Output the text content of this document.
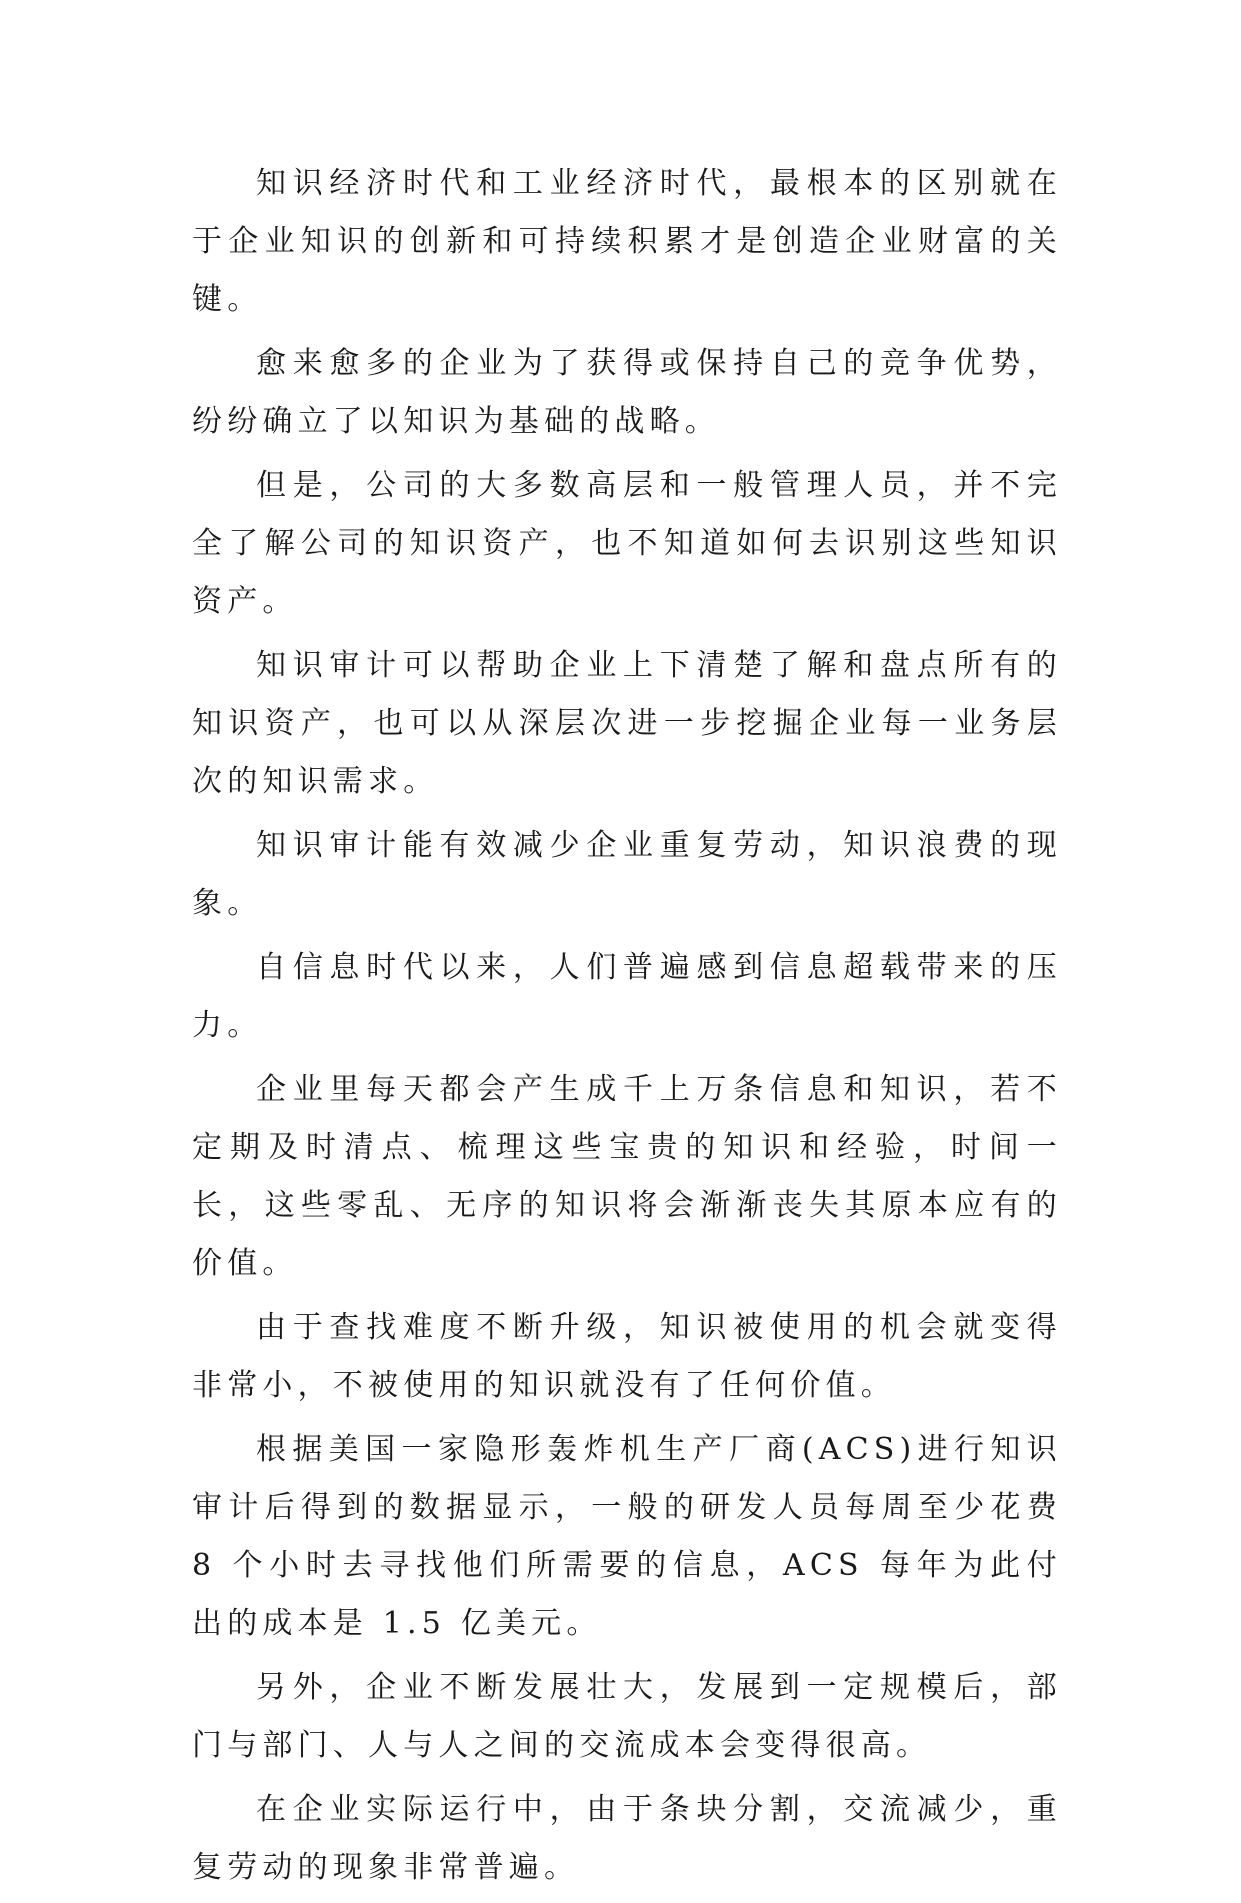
知识经济时代和工业经济时代，最根本的区别就在于企业知识的创新和可持续积累才是创造企业财富的关键。

愈来愈多的企业为了获得或保持自己的竞争优势，纷纷确立了以知识为基础的战略。

但是，公司的大多数高层和一般管理人员，并不完全了解公司的知识资产，也不知道如何去识别这些知识资产。

知识审计可以帮助企业上下清楚了解和盘点所有的知识资产，也可以从深层次进一步挖掘企业每一业务层次的知识需求。

知识审计能有效减少企业重复劳动，知识浪费的现象。

自信息时代以来，人们普遍感到信息超载带来的压力。

企业里每天都会产生成千上万条信息和知识，若不定期及时清点、梳理这些宝贵的知识和经验，时间一长，这些零乱、无序的知识将会渐渐丧失其原本应有的价值。

由于查找难度不断升级，知识被使用的机会就变得非常小，不被使用的知识就没有了任何价值。

根据美国一家隐形轰炸机生产厂商(ACS)进行知识审计后得到的数据显示，一般的研发人员每周至少花费 8 个小时去寻找他们所需要的信息，ACS 每年为此付出的成本是 1.5 亿美元。

另外，企业不断发展壮大，发展到一定规模后，部门与部门、人与人之间的交流成本会变得很高。

在企业实际运行中，由于条块分割，交流减少，重复劳动的现象非常普遍。
